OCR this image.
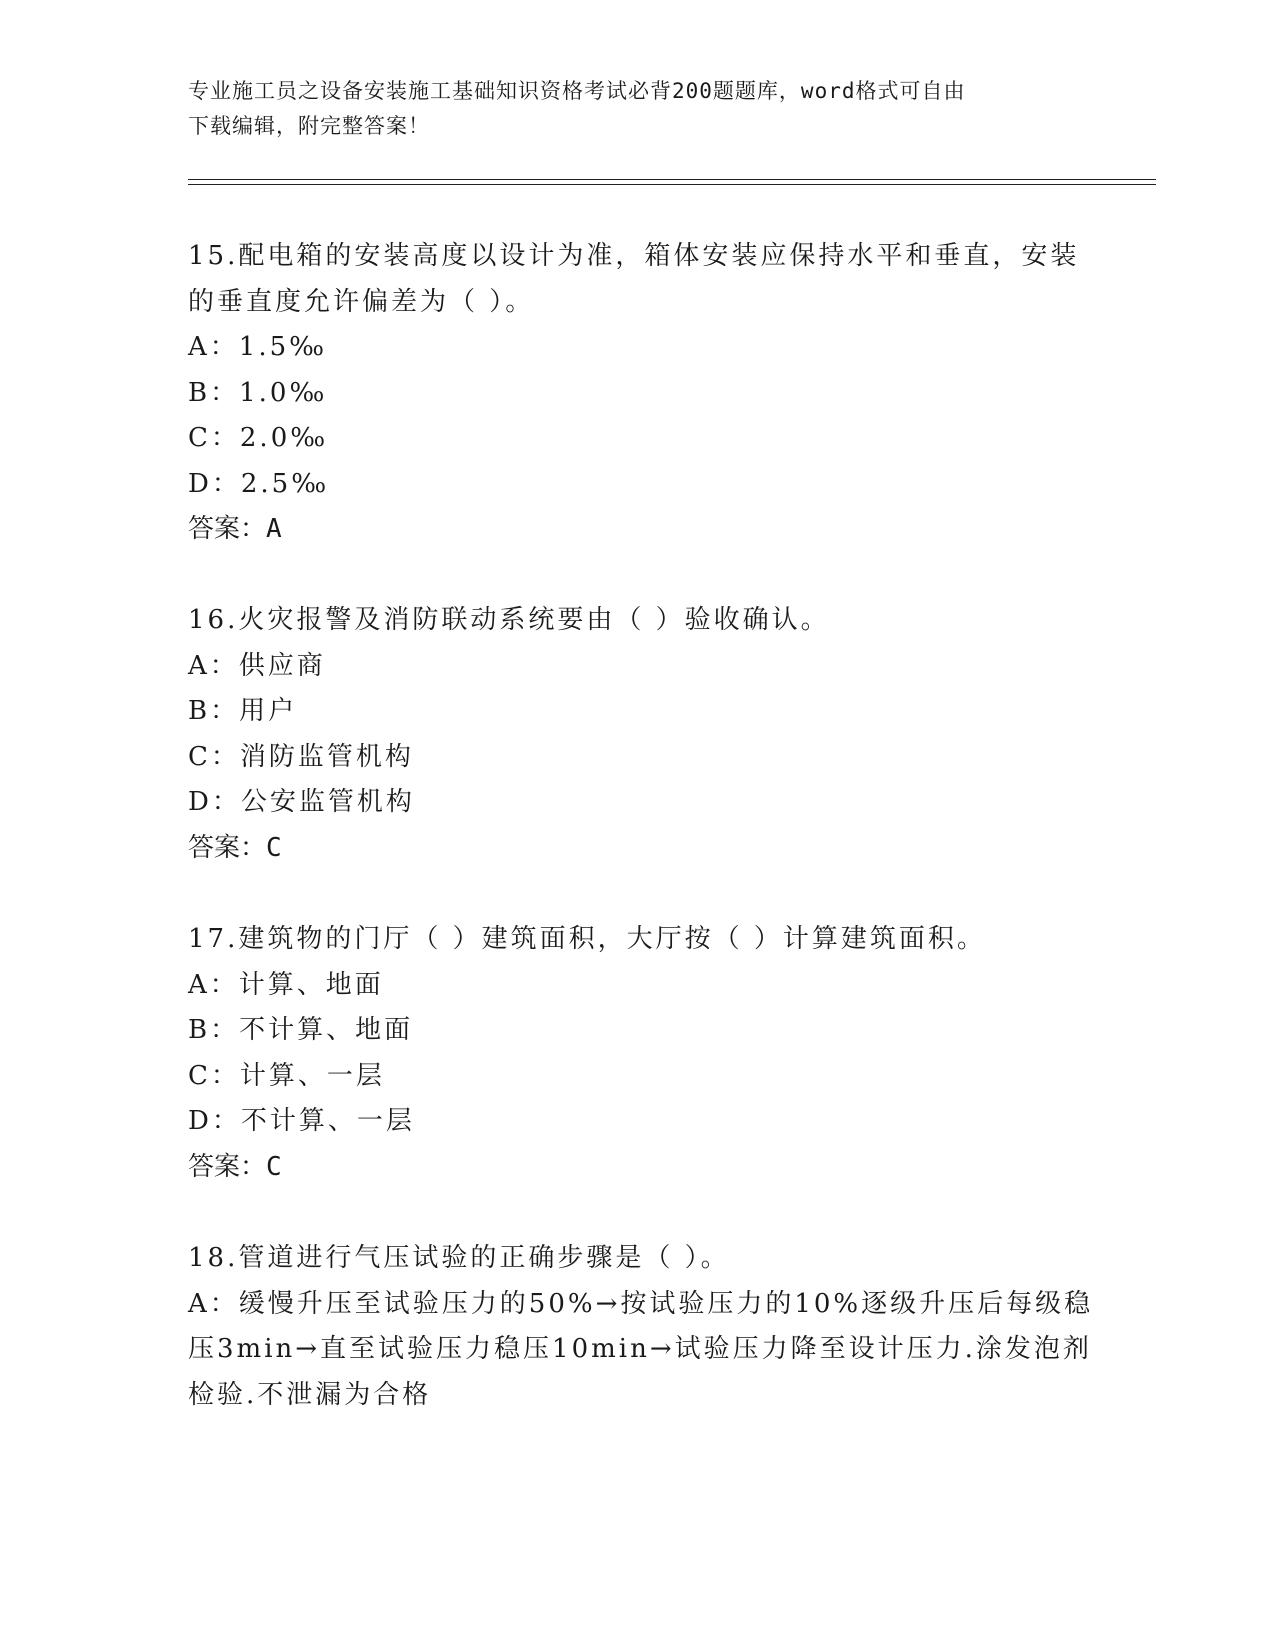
专业施工员之设备安装施工基础知识资格考试必背200题题库，word格式可自由
下载编辑，附完整答案！

15.配电箱的安装高度以设计为准，箱体安装应保持水平和垂直，安装

的垂直度允许偏差为（ ）。

A：1.5‰

B：1.0‰

C：2.0‰

D：2.5‰

答案：A

16.火灾报警及消防联动系统要由（ ）验收确认。

A：供应商

B：用户

C：消防监管机构

D：公安监管机构

答案：C

17.建筑物的门厅（ ）建筑面积，大厅按（ ）计算建筑面积。

A：计算、地面

B：不计算、地面

C：计算、一层

D：不计算、一层

答案：C

18.管道进行气压试验的正确步骤是（ ）。

A：缓慢升压至试验压力的50%→按试验压力的10%逐级升压后每级稳

压3min→直至试验压力稳压10min→试验压力降至设计压力.涂发泡剂

检验.不泄漏为合格
